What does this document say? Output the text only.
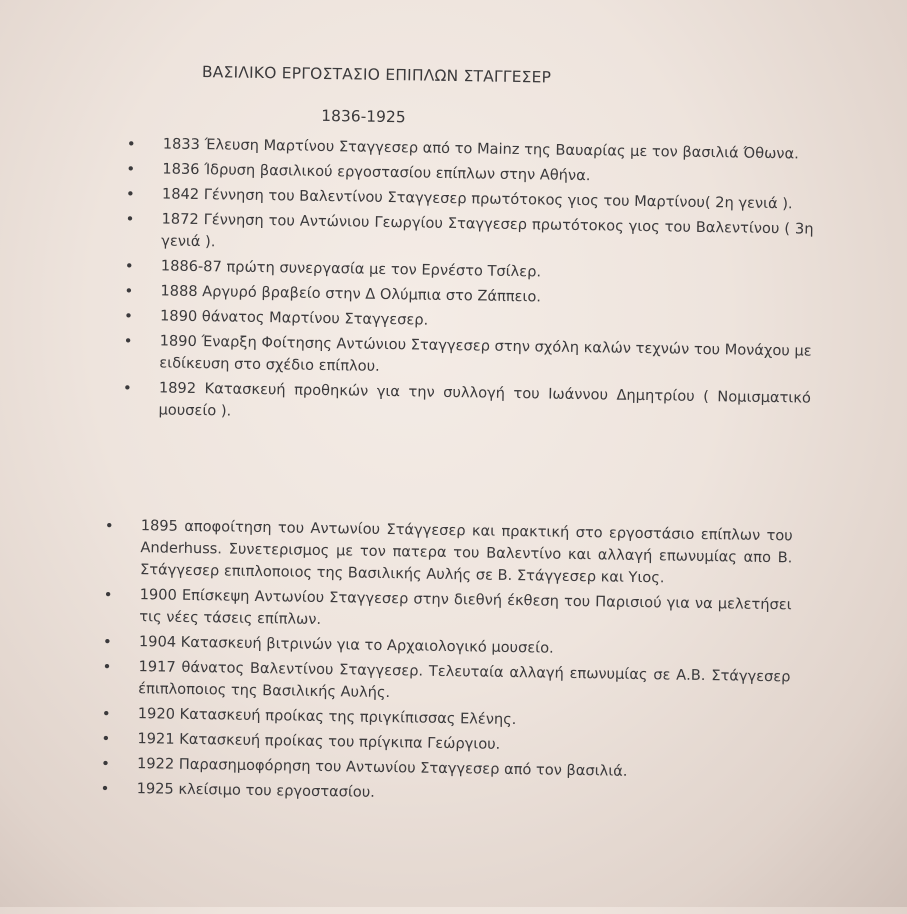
ΒΑΣΙΛΙΚΟ ΕΡΓΟΣΤΑΣΙΟ ΕΠΙΠΛΩΝ ΣΤΑΓΓΕΣΕΡ
1836-1925
• 1833 Έλευση Μαρτίνου Σταγγεσερ από το Mainz της Βαυαρίας με τον βασιλιά Όθωνα.
• 1836 Ίδρυση βασιλικού εργοστασίου επίπλων στην Αθήνα.
• 1842 Γέννηση του Βαλεντίνου Σταγγεσερ πρωτότοκος γιος του Μαρτίνου( 2η γενιά ).
• 1872 Γέννηση του Αντώνιου Γεωργίου Σταγγεσερ πρωτότοκος γιος του Βαλεντίνου ( 3η γενιά ).
• 1886-87 πρώτη συνεργασία με τον Ερνέστο Τσίλερ.
• 1888 Αργυρό βραβείο στην Δ Ολύμπια στο Ζάππειο.
• 1890 θάνατος Μαρτίνου Σταγγεσερ.
• 1890 Έναρξη Φοίτησης Αντώνιου Σταγγεσερ στην σχόλη καλών τεχνών του Μονάχου με ειδίκευση στο σχέδιο επίπλου.
• 1892 Κατασκευή προθηκών για την συλλογή του Ιωάννου Δημητρίου ( Νομισματικό μουσείο ).
• 1895 αποφοίτηση του Αντωνίου Στάγγεσερ και πρακτική στο εργοστάσιο επίπλων του Anderhuss. Συνετερισμος με τον πατερα του Βαλεντίνο και αλλαγή επωνυμίας απο Β. Στάγγεσερ επιπλοποιος της Βασιλικής Αυλής σε Β. Στάγγεσερ και Υιος.
• 1900 Επίσκεψη Αντωνίου Σταγγεσερ στην διεθνή έκθεση του Παρισιού για να μελετήσει τις νέες τάσεις επίπλων.
• 1904 Κατασκευή βιτρινών για το Αρχαιολογικό μουσείο.
• 1917 θάνατος Βαλεντίνου Σταγγεσερ. Τελευταία αλλαγή επωνυμίας σε Α.Β. Στάγγεσερ έπιπλοποιος της Βασιλικής Αυλής.
• 1920 Κατασκευή προίκας της πριγκίπισσας Ελένης.
• 1921 Κατασκευή προίκας του πρίγκιπα Γεώργιου.
• 1922 Παρασημοφόρηση του Αντωνίου Σταγγεσερ από τον βασιλιά.
• 1925 κλείσιμο του εργοστασίου.
